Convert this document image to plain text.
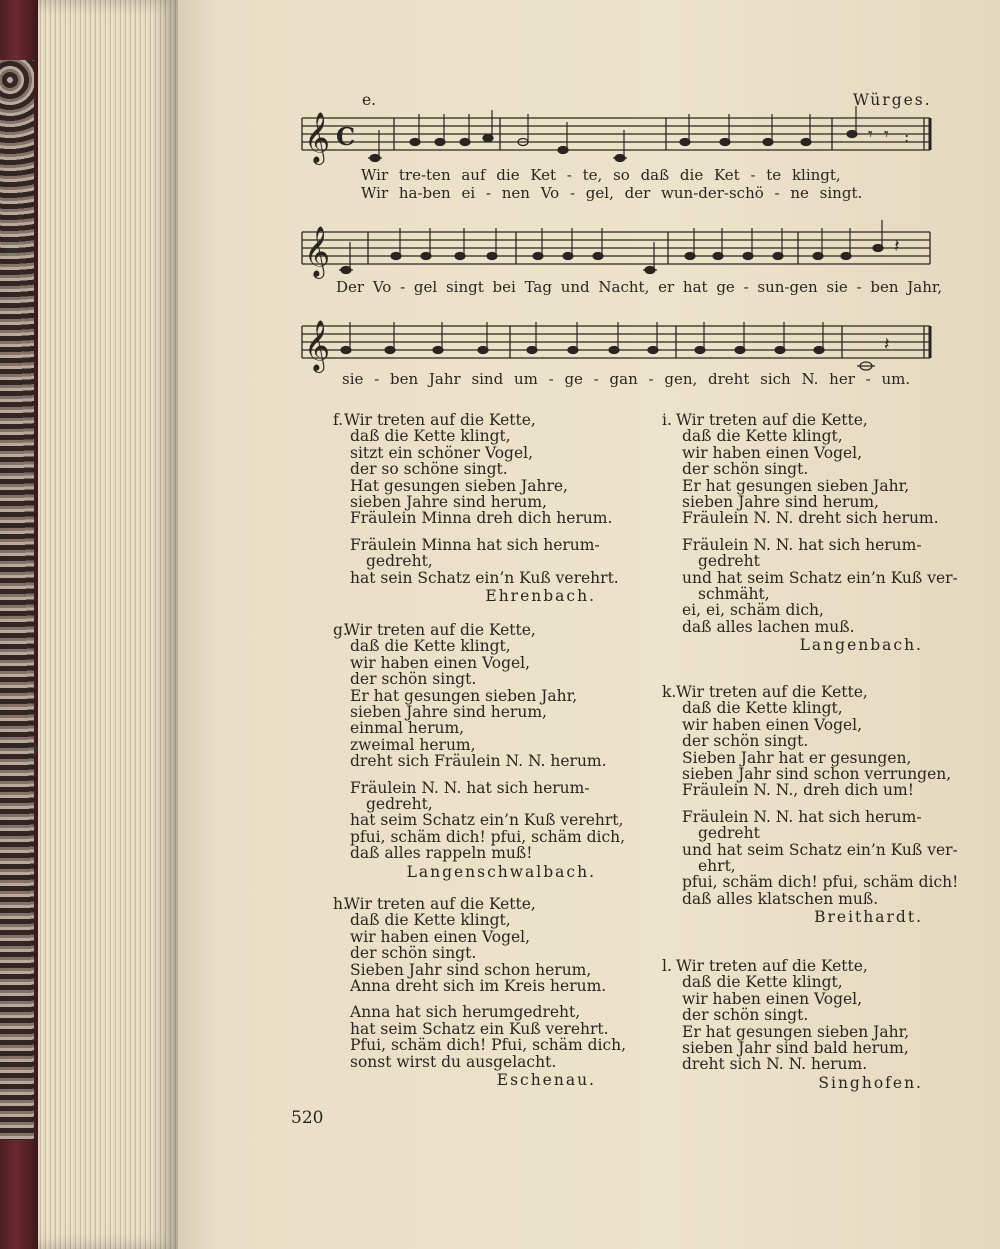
e.	Würges.
𝄞
𝄞
𝄞
C	𝄾 𝄾 :
𝄽
𝄽
Wir tre-ten auf die Ket - te, so daß die Ket - te klingt,
Wir ha-ben ei - nen Vo - gel, der wun-der-schö - ne singt.
Der Vo - gel singt bei Tag und Nacht, er hat ge - sun-gen sie - ben Jahr,
sie - ben Jahr sind um - ge - gan - gen, dreht sich N. her - um.
520
f. Wir treten auf die Kette,
daß die Kette klingt,
sitzt ein schöner Vogel,
der so schöne singt.
Hat gesungen sieben Jahre,
sieben Jahre sind herum,
Fräulein Minna dreh dich herum.
Fräulein Minna hat sich herum-
gedreht,
hat sein Schatz ein’n Kuß verehrt.
Ehrenbach.
g.
Wir treten auf die Kette,
daß die Kette klingt,
wir haben einen Vogel,
der schön singt.
Er hat gesungen sieben Jahr,
sieben Jahre sind herum,
einmal herum,
zweimal herum,
dreht sich Fräulein N. N. herum.
Fräulein N. N. hat sich herum-
gedreht,
hat seim Schatz ein’n Kuß verehrt,
pfui, schäm dich! pfui, schäm dich,
daß alles rappeln muß!
Langenschwalbach.
h.
Wir treten auf die Kette,
daß die Kette klingt,
wir haben einen Vogel,
der schön singt.
Sieben Jahr sind schon herum,
Anna dreht sich im Kreis herum.
Anna hat sich herumgedreht,
hat seim Schatz ein Kuß verehrt.
Pfui, schäm dich! Pfui, schäm dich,
sonst wirst du ausgelacht.
Eschenau.
i. Wir treten auf die Kette,
daß die Kette klingt,
wir haben einen Vogel,
der schön singt.
Er hat gesungen sieben Jahr,
sieben Jahre sind herum,
Fräulein N. N. dreht sich herum.
Fräulein N. N. hat sich herum-
gedreht
und hat seim Schatz ein’n Kuß ver-
schmäht,
ei, ei, schäm dich,
daß alles lachen muß.
Langenbach.
k. Wir treten auf die Kette,
daß die Kette klingt,
wir haben einen Vogel,
der schön singt.
Sieben Jahr hat er gesungen,
sieben Jahr sind schon verrungen,
Fräulein N. N., dreh dich um!
Fräulein N. N. hat sich herum-
gedreht
und hat seim Schatz ein’n Kuß ver-
ehrt,
pfui, schäm dich! pfui, schäm dich!
daß alles klatschen muß.
Breithardt.
l. Wir treten auf die Kette,
daß die Kette klingt,
wir haben einen Vogel,
der schön singt.
Er hat gesungen sieben Jahr,
sieben Jahr sind bald herum,
dreht sich N. N. herum.
Singhofen.
